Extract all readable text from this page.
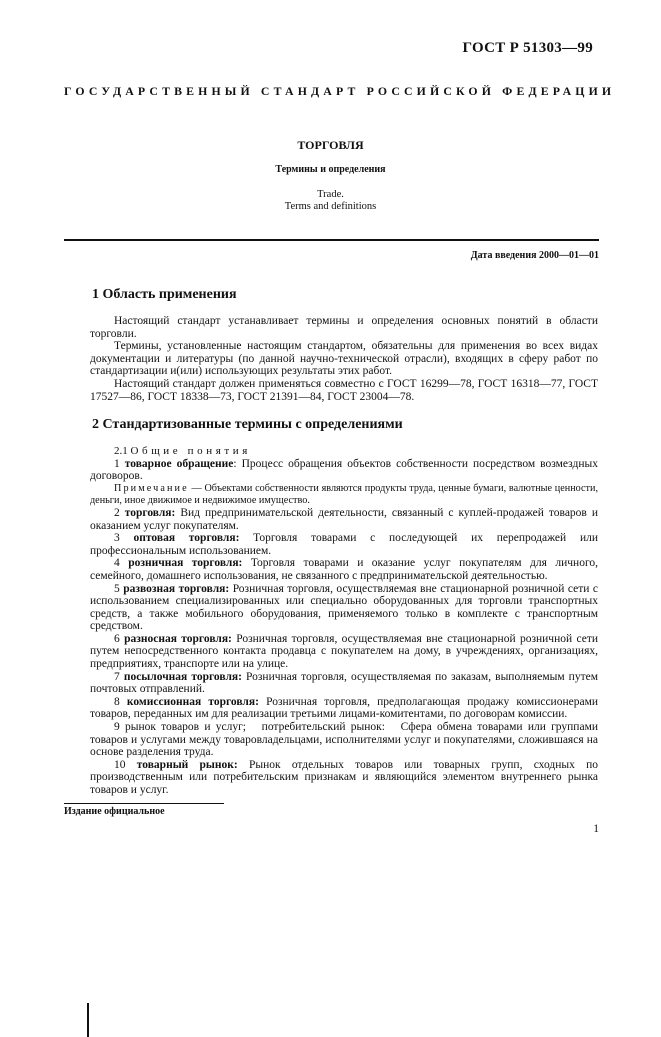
ГОСТ Р 51303—99
ГОСУДАРСТВЕННЫЙ СТАНДАРТ РОССИЙСКОЙ ФЕДЕРАЦИИ
ТОРГОВЛЯ
Термины и определения
Trade.
Terms and definitions
Дата введения 2000—01—01
1 Область применения

Настоящий стандарт устанавливает термины и определения основных понятий в области торговли.

Термины, установленные настоящим стандартом, обязательны для применения во всех видах документации и литературы (по данной научно-технической отрасли), входящих в сферу работ по стандартизации и(или) использующих результаты этих работ.

Настоящий стандарт должен применяться совместно с ГОСТ 16299—78, ГОСТ 16318—77, ГОСТ 17527—86, ГОСТ 18338—73, ГОСТ 21391—84, ГОСТ 23004—78.

2 Стандартизованные термины с определениями

2.1 Общие понятия

1 товарное обращение: Процесс обращения объектов собственности посредством возмездных договоров.

Примечание — Объектами собственности являются продукты труда, ценные бумаги, валютные ценности, деньги, иное движимое и недвижимое имущество.

2 торговля: Вид предпринимательской деятельности, связанный с куплей-продажей товаров и оказанием услуг покупателям.

3 оптовая торговля: Торговля товарами с последующей их перепродажей или профессиональным использованием.

4 розничная торговля: Торговля товарами и оказание услуг покупателям для личного, семейного, домашнего использования, не связанного с предпринимательской деятельностью.

5 развозная торговля: Розничная торговля, осуществляемая вне стационарной розничной сети с использованием специализированных или специально оборудованных для торговли транспортных средств, а также мобильного оборудования, применяемого только в комплекте с транспортным средством.

6 разносная торговля: Розничная торговля, осуществляемая вне стационарной розничной сети путем непосредственного контакта продавца с покупателем на дому, в учреждениях, организациях, предприятиях, транспорте или на улице.

7 посылочная торговля: Розничная торговля, осуществляемая по заказам, выполняемым путем почтовых отправлений.

8 комиссионная торговля: Розничная торговля, предполагающая продажу комиссионерами товаров, переданных им для реализации третьими лицами-комитентами, по договорам комиссии.

9 рынок товаров и услуг;   потребительский рынок:   Сфера обмена товарами или группами товаров и услугами между товаровладельцами, исполнителями услуг и покупателями, сложившаяся на основе разделения труда.

10 товарный рынок: Рынок отдельных товаров или товарных групп, сходных по производственным или потребительским признакам и являющийся элементом внутреннего рынка товаров и услуг.

Издание официальное
1
